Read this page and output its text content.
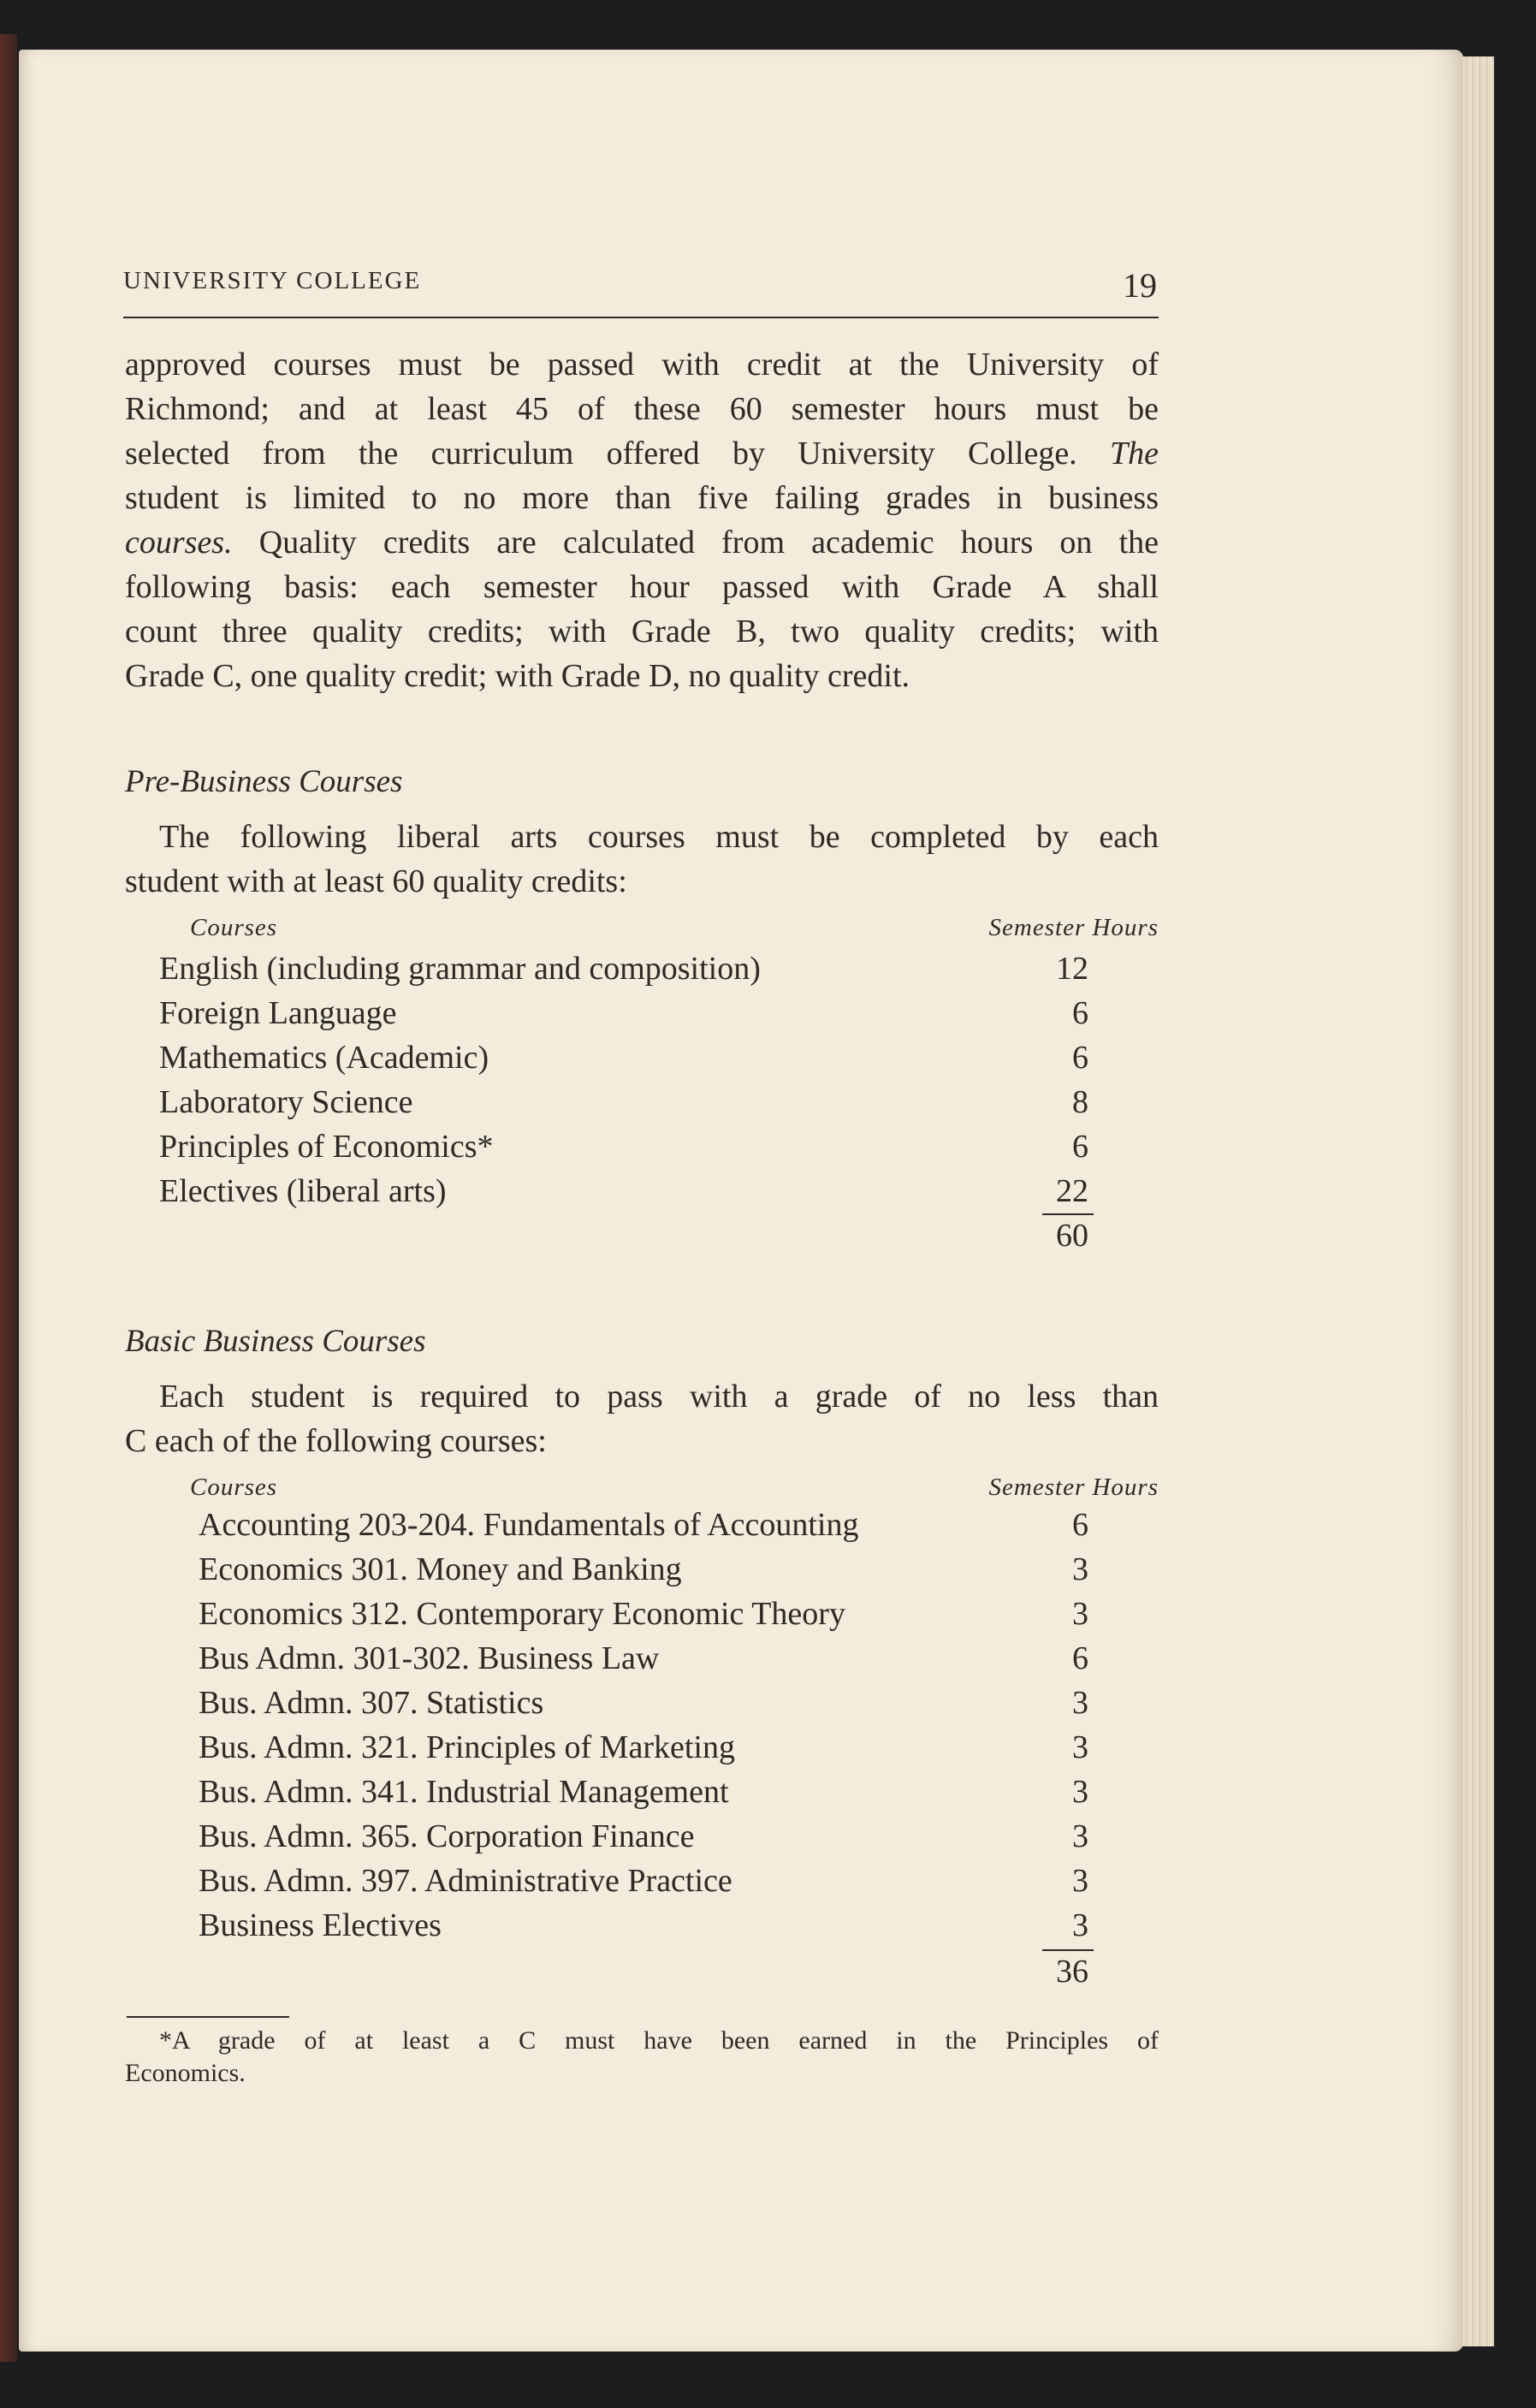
UNIVERSITY COLLEGE	19

approved courses must be passed with credit at the University of

Richmond; and at least 45 of these 60 semester hours must be

selected from the curriculum offered by University College. The

student is limited to no more than five failing grades in business

courses. Quality credits are calculated from academic hours on the

following basis: each semester hour passed with Grade A shall

count three quality credits; with Grade B, two quality credits; with

Grade C, one quality credit; with Grade D, no quality credit.

Pre-Business Courses

The following liberal arts courses must be completed by each

student with at least 60 quality credits:

Courses	Semester Hours
English (including grammar and composition)	12
Foreign Language	6
Mathematics (Academic)	6
Laboratory Science	8
Principles of Economics*	6
Electives (liberal arts)	22
60

Basic Business Courses

Each student is required to pass with a grade of no less than

C each of the following courses:

Courses	Semester Hours
Accounting 203-204. Fundamentals of Accounting	6
Economics 301. Money and Banking	3
Economics 312. Contemporary Economic Theory	3
Bus Admn. 301-302. Business Law	6
Bus. Admn. 307. Statistics	3
Bus. Admn. 321. Principles of Marketing	3
Bus. Admn. 341. Industrial Management	3
Bus. Admn. 365. Corporation Finance	3
Bus. Admn. 397. Administrative Practice	3
Business Electives	3
36
*A grade of at least a C must have been earned in the Principles of
Economics.
